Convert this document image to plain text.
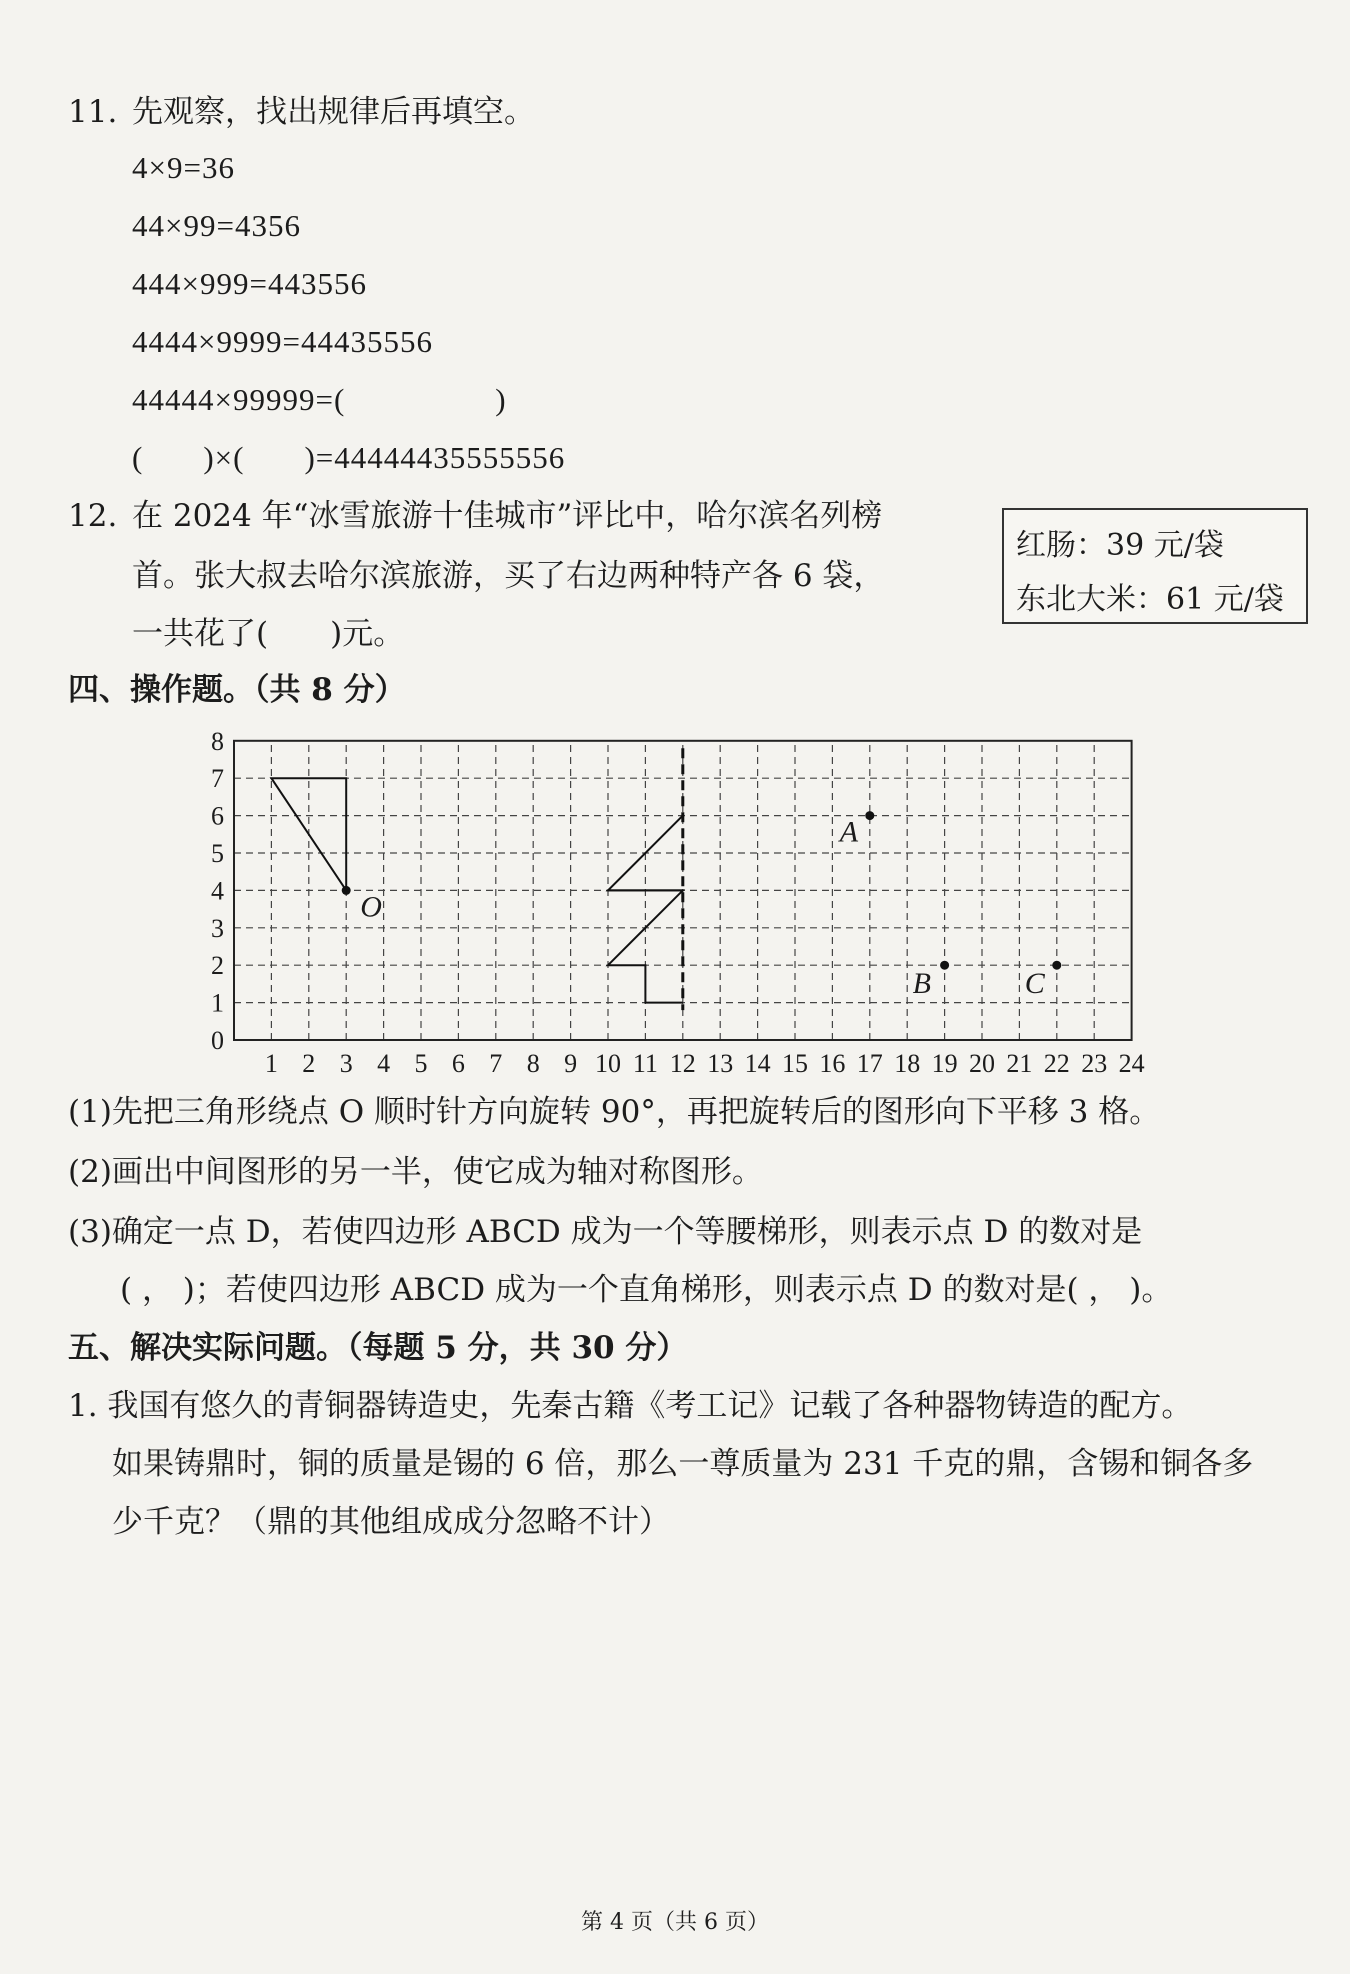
11. 先观察，找出规律后再填空。
4×9=36
44×99=4356
444×999=443556
4444×9999=44435556
44444×99999=(	)
( )×( )=44444435555556
12. 在 2024 年“冰雪旅游十佳城市”评比中，哈尔滨名列榜
首。张大叔去哈尔滨旅游，买了右边两种特产各 6 袋，
一共花了( )元。
红肠：39 元/袋
东北大米：61 元/袋
四、操作题。（共 8 分）
1 2 3 4 5 6 7 8 9 10 11 12 13 14 15 16 17 18 19 20 21 22 23 24
0
1
2
3
4
5
6
7
8
O
A
B	C
(1)先把三角形绕点 O 顺时针方向旋转 90°，再把旋转后的图形向下平移 3 格。
(2)画出中间图形的另一半，使它成为轴对称图形。
(3)确定一点 D，若使四边形 ABCD 成为一个等腰梯形，则表示点 D 的数对是
( ， )；若使四边形 ABCD 成为一个直角梯形，则表示点 D 的数对是( ， )。
五、解决实际问题。（每题 5 分，共 30 分）
1. 我国有悠久的青铜器铸造史，先秦古籍《考工记》记载了各种器物铸造的配方。
如果铸鼎时，铜的质量是锡的 6 倍，那么一尊质量为 231 千克的鼎，含锡和铜各多
少千克？（鼎的其他组成成分忽略不计）
第 4 页（共 6 页）
